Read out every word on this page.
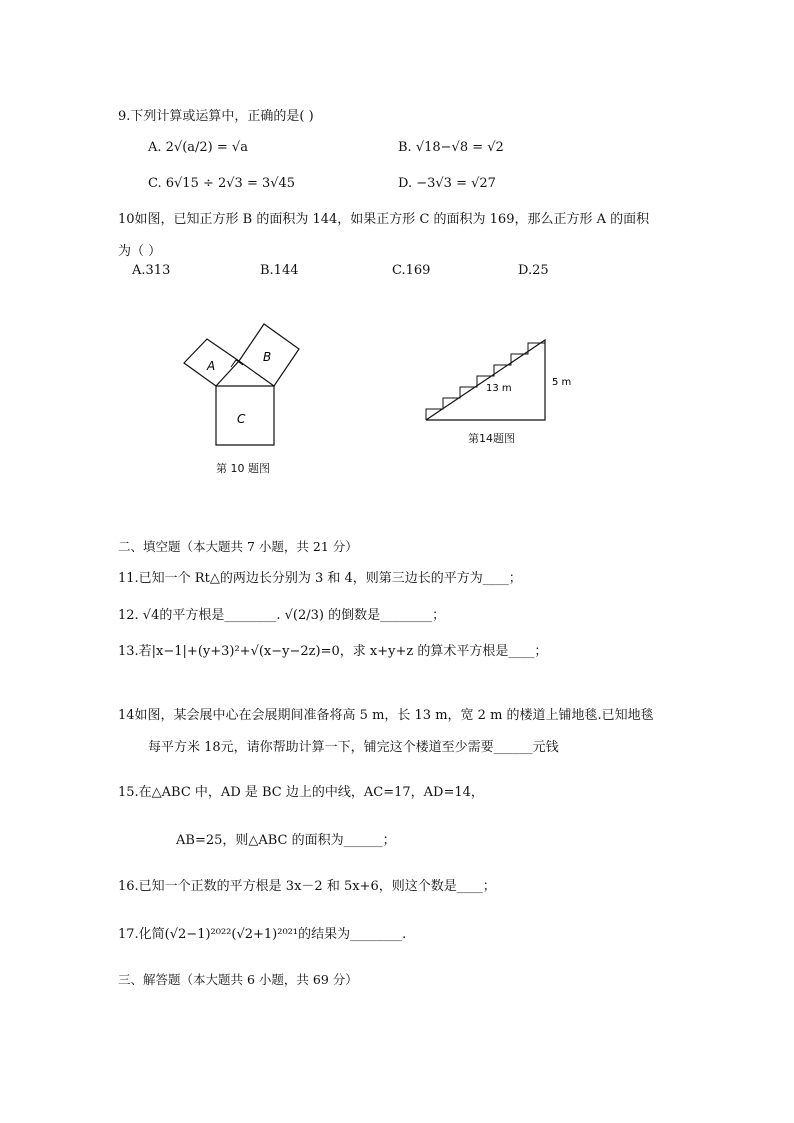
9.下列计算或运算中，正确的是( )
A. 2√(a/2) = √a	B. √18−√8 = √2
C. 6√15 ÷ 2√3 = 3√45	D. −3√3 = √27
10如图，已知正方形 B 的面积为 144，如果正方形 C 的面积为 169，那么正方形 A 的面积
为（ ）
A.313	B.144	C.169	D.25
A
B
C
第 10 题图
13 m
5 m
第14题图
二、填空题（本大题共 7 小题，共 21 分）
11.已知一个 Rt△的两边长分别为 3 和 4，则第三边长的平方为____；
12. √4的平方根是________. √(2/3) 的倒数是________；
13.若|x−1|+(y+3)²+√(x−y−2z)=0，求 x+y+z 的算术平方根是____；
14如图，某会展中心在会展期间准备将高 5 m，长 13 m，宽 2 m 的楼道上铺地毯.已知地毯
每平方米 18元，请你帮助计算一下，铺完这个楼道至少需要______元钱
15.在△ABC 中，AD 是 BC 边上的中线，AC=17，AD=14，
AB=25，则△ABC 的面积为______；
16.已知一个正数的平方根是 3x－2 和 5x+6，则这个数是____；
17.化简(√2−1)²⁰²²(√2+1)²⁰²¹的结果为________.
三、解答题（本大题共 6 小题，共 69 分）
